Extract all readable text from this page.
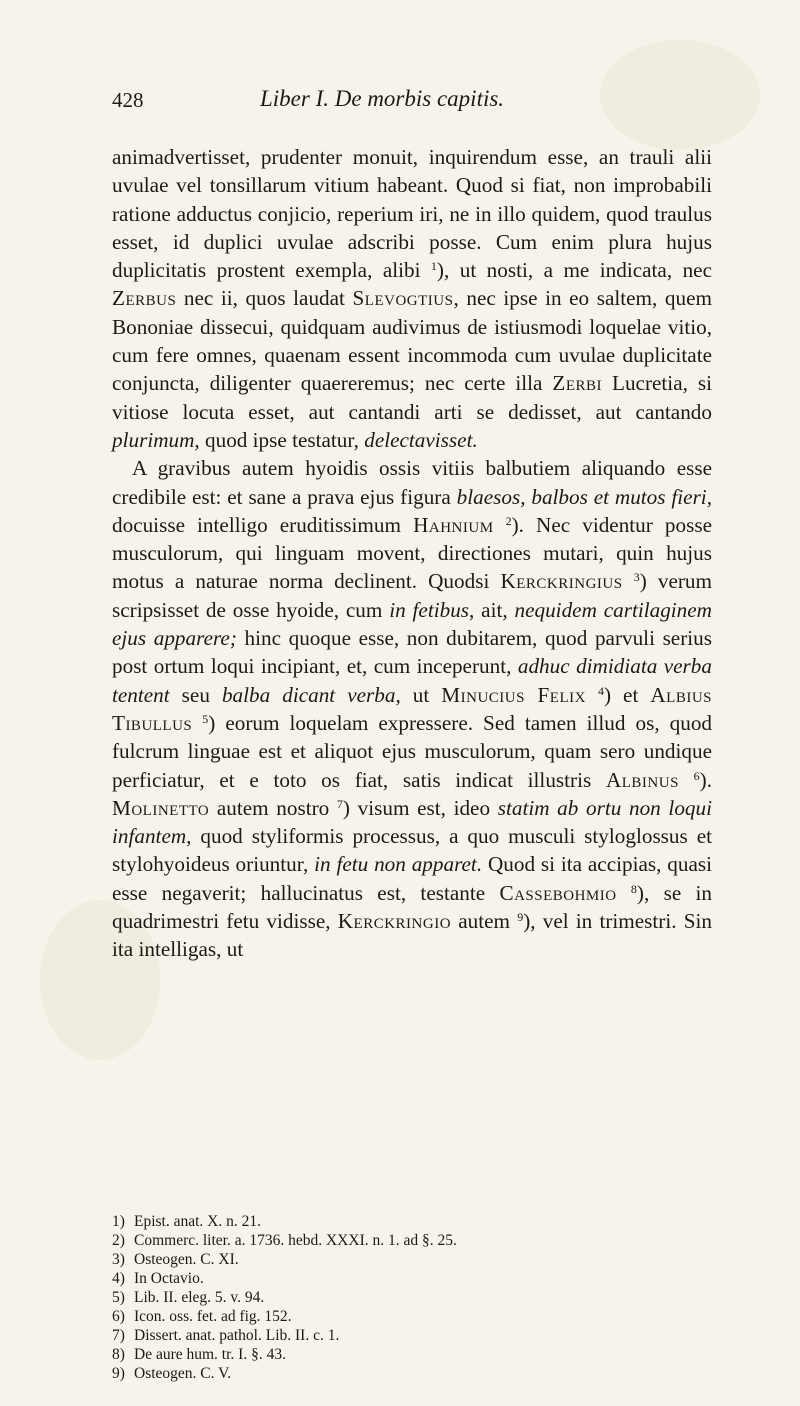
428	Liber I. De morbis capitis.

animadvertisset, prudenter monuit, inquirendum esse, an trauli alii uvulae vel tonsillarum vitium habeant. Quod si fiat, non improbabili ratione adductus conjicio, reperium iri, ne in illo quidem, quod traulus esset, id duplici uvulae adscribi posse. Cum enim plura hujus duplicitatis prostent exempla, alibi $^1$), ut nosti, a me indicata, nec Zerbus nec ii, quos laudat Slevogtius, nec ipse in eo saltem, quem Bononiae dissecui, quidquam audivimus de istiusmodi loquelae vitio, cum fere omnes, quaenam essent incommoda cum uvulae duplicitate conjuncta, diligenter quaereremus; nec certe illa Zerbi Lucretia, si vitiose locuta esset, aut cantandi arti se dedisset, aut cantando plurimum, quod ipse testatur, delectavisset.

A gravibus autem hyoidis ossis vitiis balbutiem aliquando esse credibile est: et sane a prava ejus figura blaesos, balbos et mutos fieri, docuisse intelligo eruditissimum Hahnium $^2$). Nec videntur posse musculorum, qui linguam movent, directiones mutari, quin hujus motus a naturae norma declinent. Quodsi Kerckringius $^3$) verum scripsisset de osse hyoide, cum in fetibus, ait, nequidem cartilaginem ejus apparere; hinc quoque esse, non dubitarem, quod parvuli serius post ortum loqui incipiant, et, cum inceperunt, adhuc dimidiata verba tentent seu balba dicant verba, ut Minucius Felix $^4$) et Albius Tibullus $^5$) eorum loquelam expressere. Sed tamen illud os, quod fulcrum linguae est et aliquot ejus musculorum, quam sero undique perficiatur, et e toto os fiat, satis indicat illustris Albinus $^6$). Molinetto autem nostro $^7$) visum est, ideo statim ab ortu non loqui infantem, quod styliformis processus, a quo musculi styloglossus et stylohyoideus oriuntur, in fetu non apparet. Quod si ita accipias, quasi esse negaverit; hallucinatus est, testante Cassebohmio $^8$), se in quadrimestri fetu vidisse, Kerckringio autem $^9$), vel in trimestri. Sin ita intelligas, ut

1) Epist. anat. X. n. 21.
2) Commerc. liter. a. 1736. hebd. XXXI. n. 1. ad §. 25.
3) Osteogen. C. XI.
4) In Octavio.
5) Lib. II. eleg. 5. v. 94.
6) Icon. oss. fet. ad fig. 152.
7) Dissert. anat. pathol. Lib. II. c. 1.
8) De aure hum. tr. I. §. 43.
9) Osteogen. C. V.
